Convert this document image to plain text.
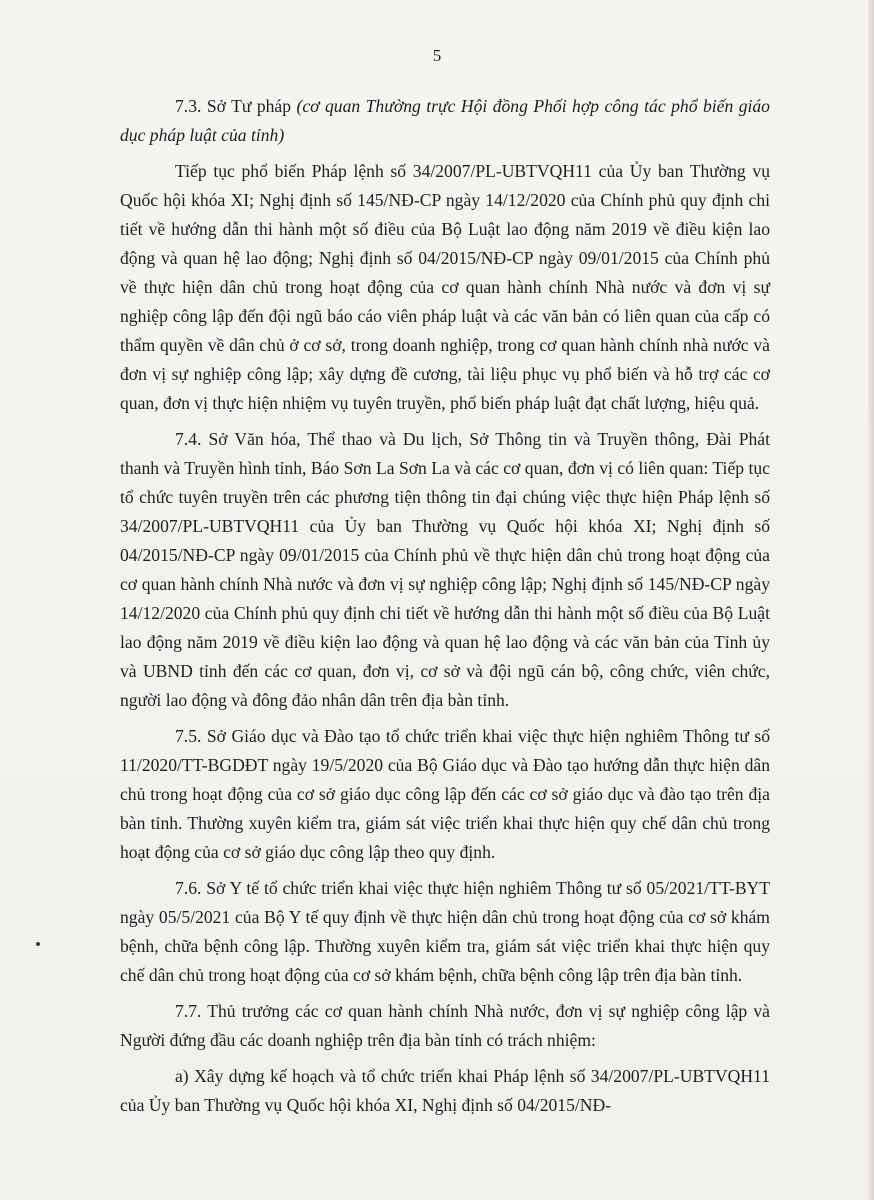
5

7.3. Sở Tư pháp (cơ quan Thường trực Hội đồng Phối hợp công tác phổ biến giáo dục pháp luật của tỉnh)

Tiếp tục phổ biến Pháp lệnh số 34/2007/PL-UBTVQH11 của Ủy ban Thường vụ Quốc hội khóa XI; Nghị định số 145/NĐ-CP ngày 14/12/2020 của Chính phủ quy định chi tiết về hướng dẫn thi hành một số điều của Bộ Luật lao động năm 2019 về điều kiện lao động và quan hệ lao động; Nghị định số 04/2015/NĐ-CP ngày 09/01/2015 của Chính phủ về thực hiện dân chủ trong hoạt động của cơ quan hành chính Nhà nước và đơn vị sự nghiệp công lập đến đội ngũ báo cáo viên pháp luật và các văn bản có liên quan của cấp có thẩm quyền về dân chủ ở cơ sở, trong doanh nghiệp, trong cơ quan hành chính nhà nước và đơn vị sự nghiệp công lập; xây dựng đề cương, tài liệu phục vụ phổ biến và hỗ trợ các cơ quan, đơn vị thực hiện nhiệm vụ tuyên truyền, phổ biến pháp luật đạt chất lượng, hiệu quả.

7.4. Sở Văn hóa, Thể thao và Du lịch, Sở Thông tin và Truyền thông, Đài Phát thanh và Truyền hình tỉnh, Báo Sơn La Sơn La và các cơ quan, đơn vị có liên quan: Tiếp tục tổ chức tuyên truyền trên các phương tiện thông tin đại chúng việc thực hiện Pháp lệnh số 34/2007/PL-UBTVQH11 của Ủy ban Thường vụ Quốc hội khóa XI; Nghị định số 04/2015/NĐ-CP ngày 09/01/2015 của Chính phủ về thực hiện dân chủ trong hoạt động của cơ quan hành chính Nhà nước và đơn vị sự nghiệp công lập; Nghị định số 145/NĐ-CP ngày 14/12/2020 của Chính phủ quy định chi tiết về hướng dẫn thi hành một số điều của Bộ Luật lao động năm 2019 về điều kiện lao động và quan hệ lao động và các văn bản của Tỉnh ủy và UBND tỉnh đến các cơ quan, đơn vị, cơ sở và đội ngũ cán bộ, công chức, viên chức, người lao động và đông đảo nhân dân trên địa bàn tỉnh.

7.5. Sở Giáo dục và Đào tạo tổ chức triển khai việc thực hiện nghiêm Thông tư số 11/2020/TT-BGDĐT ngày 19/5/2020 của Bộ Giáo dục và Đào tạo hướng dẫn thực hiện dân chủ trong hoạt động của cơ sở giáo dục công lập đến các cơ sở giáo dục và đào tạo trên địa bàn tỉnh. Thường xuyên kiểm tra, giám sát việc triển khai thực hiện quy chế dân chủ trong hoạt động của cơ sở giáo dục công lập theo quy định.

7.6. Sở Y tế tổ chức triển khai việc thực hiện nghiêm Thông tư số 05/2021/TT-BYT ngày 05/5/2021 của Bộ Y tế quy định về thực hiện dân chủ trong hoạt động của cơ sở khám bệnh, chữa bệnh công lập. Thường xuyên kiểm tra, giám sát việc triển khai thực hiện quy chế dân chủ trong hoạt động của cơ sở khám bệnh, chữa bệnh công lập trên địa bàn tỉnh.

7.7. Thủ trưởng các cơ quan hành chính Nhà nước, đơn vị sự nghiệp công lập và Người đứng đầu các doanh nghiệp trên địa bàn tỉnh có trách nhiệm:

a) Xây dựng kế hoạch và tổ chức triển khai Pháp lệnh số 34/2007/PL-UBTVQH11 của Ủy ban Thường vụ Quốc hội khóa XI, Nghị định số 04/2015/NĐ-
